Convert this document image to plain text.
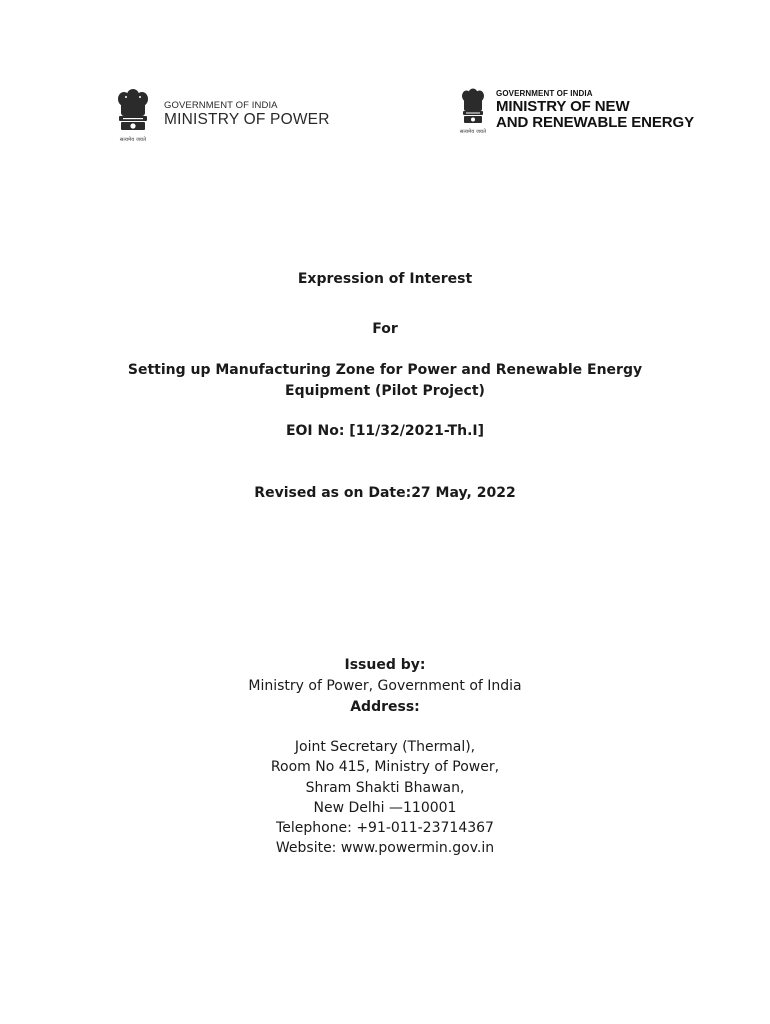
सत्यमेव जयते
GOVERNMENT OF INDIA
MINISTRY OF POWER
सत्यमेव जयते
GOVERNMENT OF INDIA
MINISTRY OF NEW
AND RENEWABLE ENERGY
Expression of Interest
For
Setting up Manufacturing Zone for Power and Renewable Energy
Equipment (Pilot Project)
EOI No: [11/32/2021-Th.I]
Revised as on Date:27 May, 2022
Issued by:
Ministry of Power, Government of India
Address:
Joint Secretary (Thermal),
Room No 415, Ministry of Power,
Shram Shakti Bhawan,
New Delhi —110001
Telephone: +91-011-23714367
Website: www.powermin.gov.in
